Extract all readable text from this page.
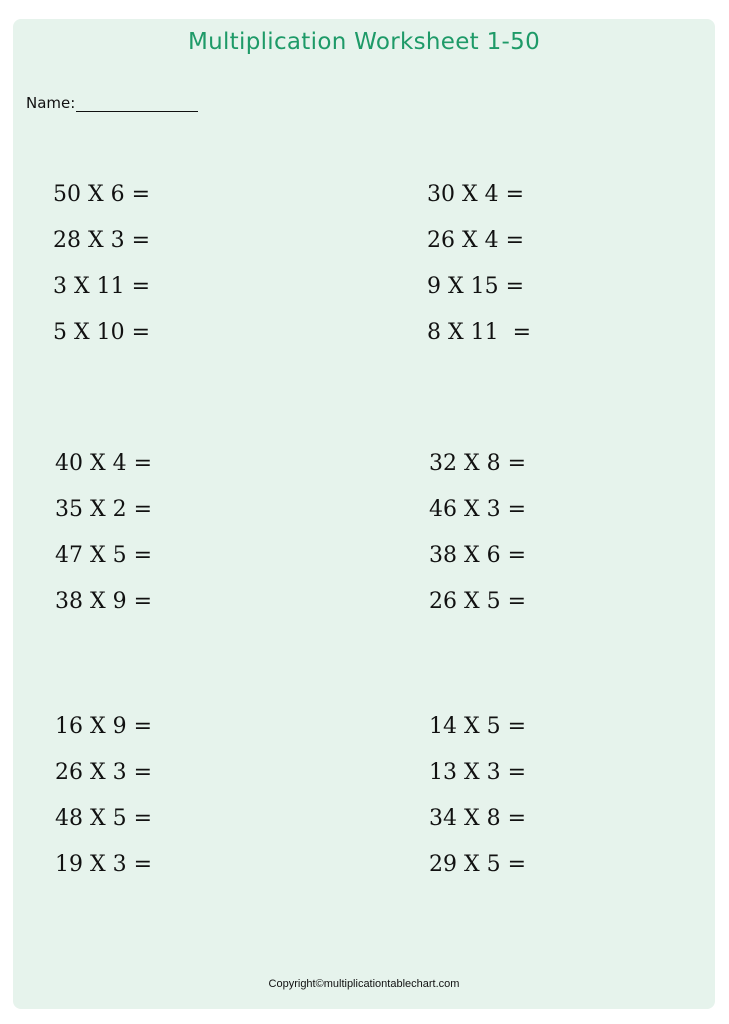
Multiplication Worksheet 1-50
Name:
50 X 6 =
28 X 3 =
3 X 11 =
5 X 10 =
30 X 4 =
26 X 4 =
9 X 15 =
8 X 11  =
40 X 4 =
35 X 2 =
47 X 5 =
38 X 9 =
32 X 8 =
46 X 3 =
38 X 6 =
26 X 5 =
16 X 9 =
26 X 3 =
48 X 5 =
19 X 3 =
14 X 5 =
13 X 3 =
34 X 8 =
29 X 5 =
Copyright©multiplicationtablechart.com
